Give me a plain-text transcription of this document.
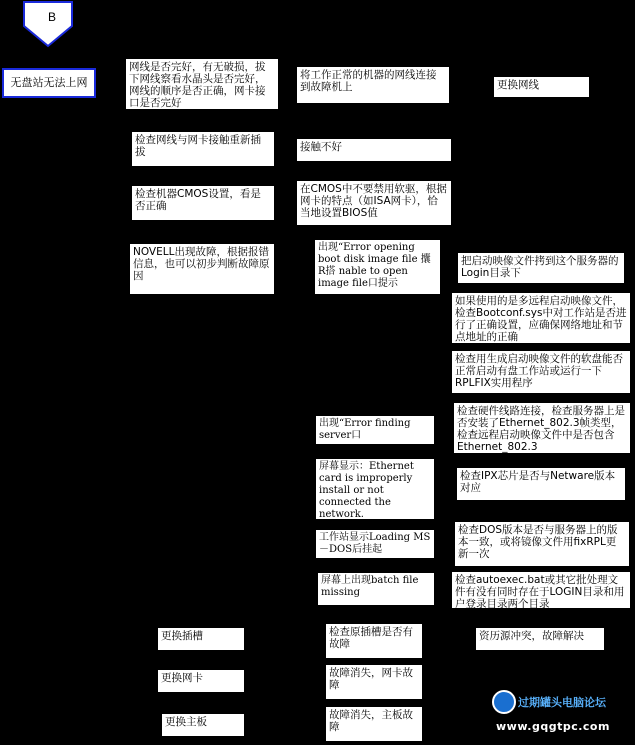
B
无盘站无法上网
网线是否完好，有无破损，拔下网线察看水晶头是否完好，网线的顺序是否正确，网卡接口是否完好
检查网线与网卡接触重新插拔
检查机器CMOS设置，看是否正确
NOVELL出现故障，根据报错信息，也可以初步判断故障原因
将工作正常的机器的网线连接到故障机上
接触不好
在CMOS中不要禁用软驱，根据网卡的特点（如ISA网卡），恰当地设置BIOS值
出现“Error opening boot disk image file 攮 R搭 nable to open image file口提示
出现“Error finding server口
屏幕显示：Ethernet card is improperly install or not connected the network.
工作站显示Loading MS－DOS后挂起
屏幕上出现batch file missing
检查原插槽是否有故障
故障消失，网卡故障
故障消失，主板故障
更换网线
把启动映像文件拷到这个服务器的Login目录下
如果使用的是多远程启动映像文件，检查Bootconf.sys中对工作站是否进行了正确设置，应确保网络地址和节点地址的正确
检查用生成启动映像文件的软盘能否正常启动有盘工作站或运行一下RPLFIX实用程序
检查硬件线路连接，检查服务器上是否安装了Ethernet_802.3帧类型，检查远程启动映像文件中是否包含Ethernet_802.3
检查IPX芯片是否与Netware版本对应
检查DOS版本是否与服务器上的版本一致，或将镜像文件用fixRPL更新一次
检查autoexec.bat或其它批处理文件有没有同时存在于LOGIN目录和用户登录目录两个目录
资历源冲突，故障解决
更换插槽
更换网卡
更换主板
过期罐头电脑论坛
www.gqgtpc.com
